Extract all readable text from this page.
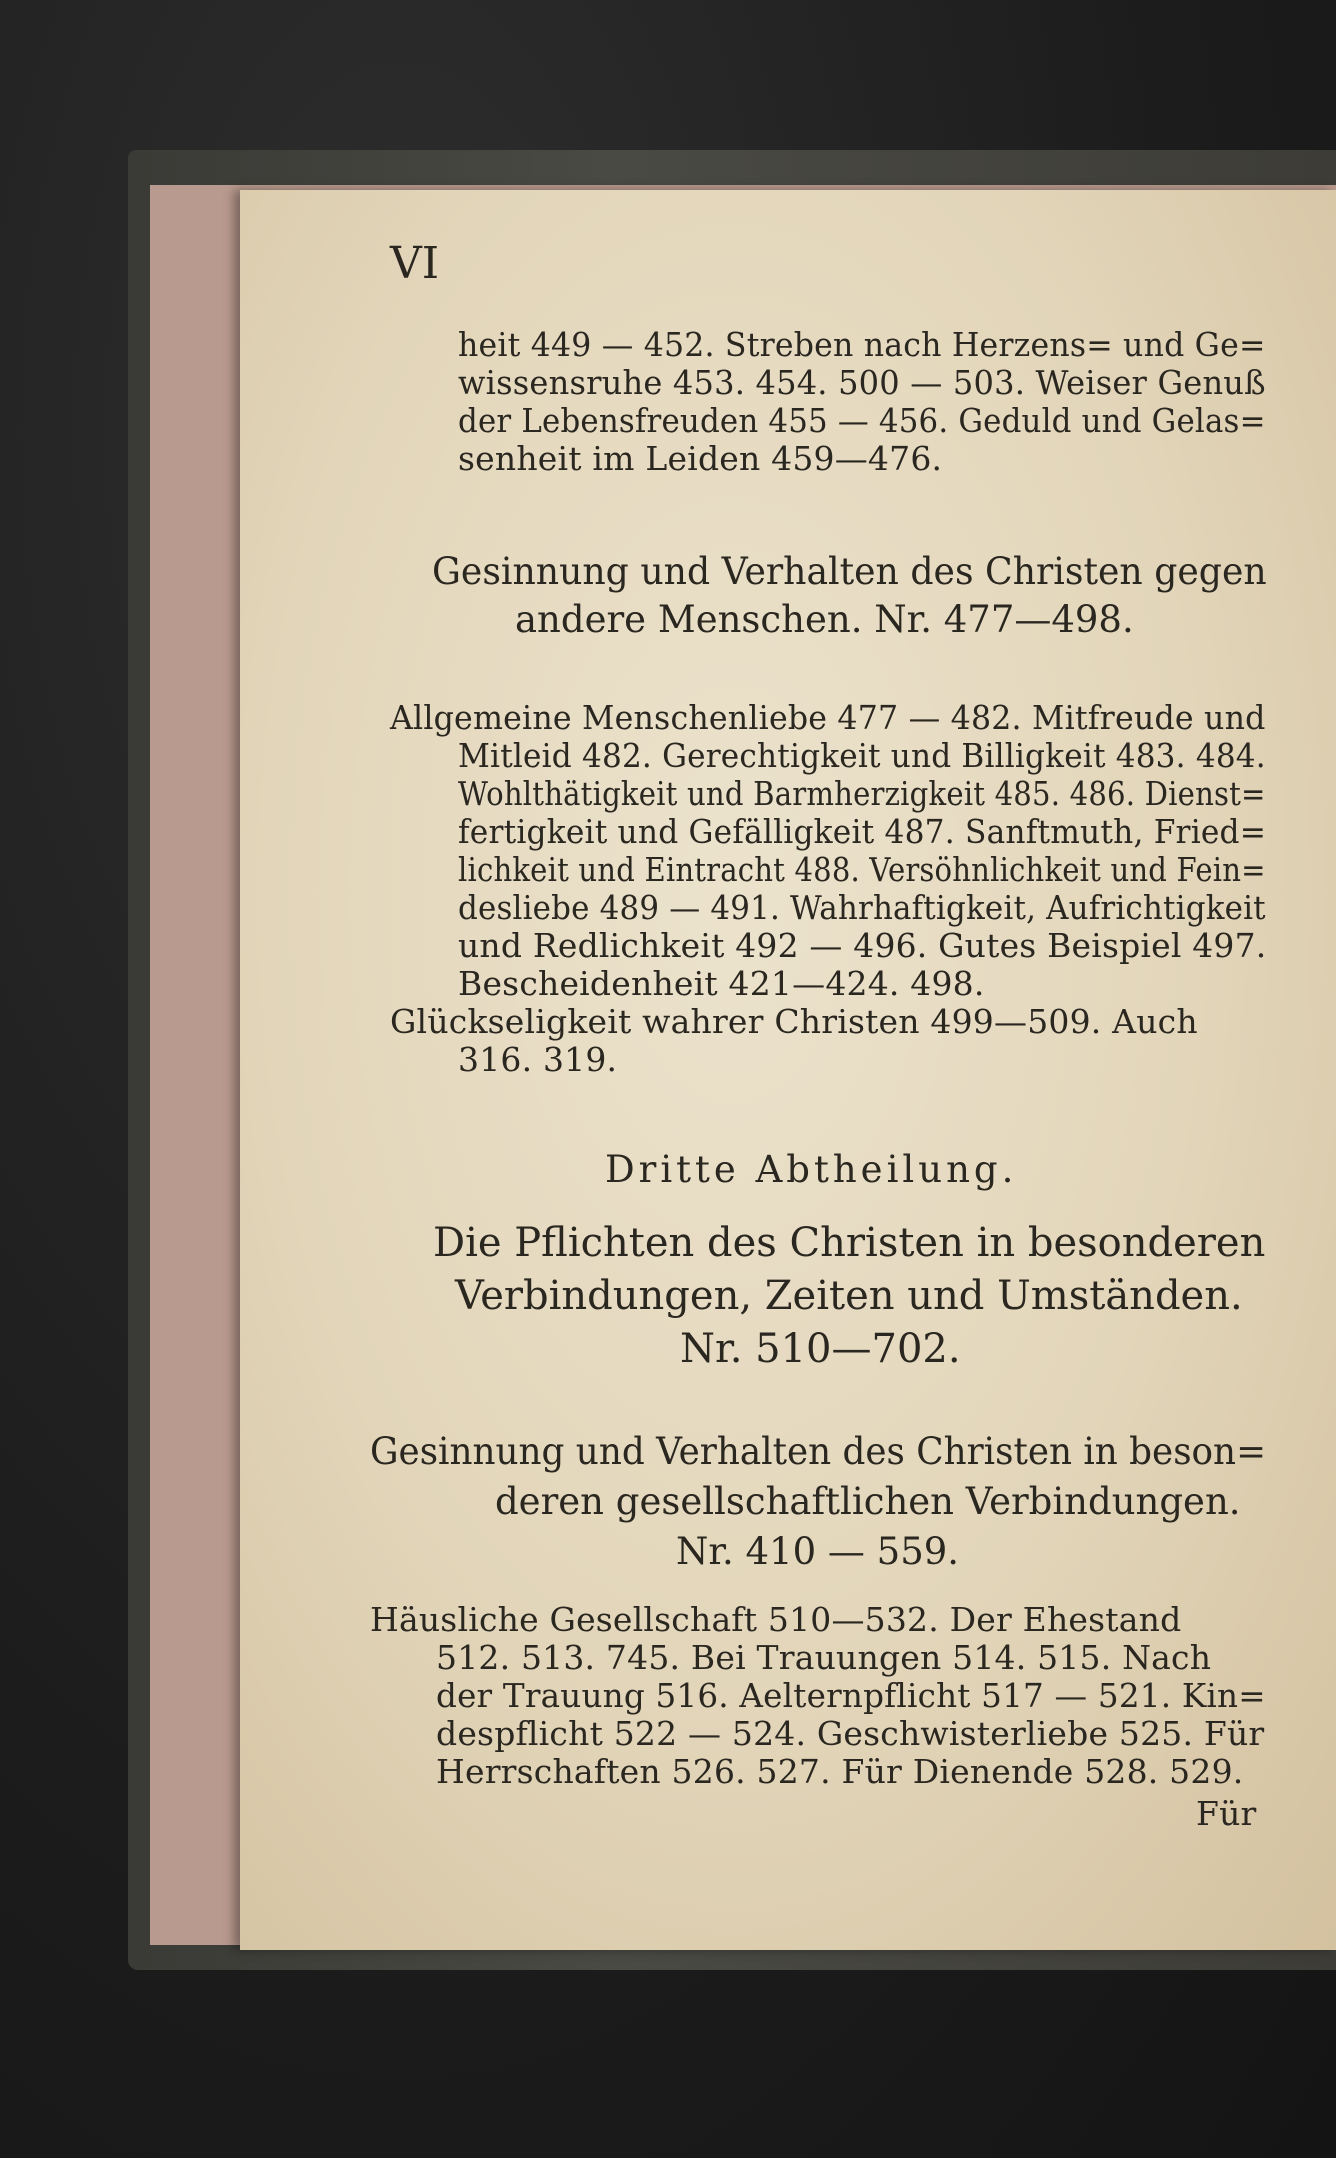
VI
heit 449 — 452. Streben nach Herzens= und Ge=
wissensruhe 453. 454. 500 — 503. Weiser Genuß
der Lebensfreuden 455 — 456. Geduld und Gelas=
senheit im Leiden 459—476.
Gesinnung und Verhalten des Christen gegen
andere Menschen. Nr. 477—498.
Allgemeine Menschenliebe 477 — 482. Mitfreude und
Mitleid 482. Gerechtigkeit und Billigkeit 483. 484.
Wohlthätigkeit und Barmherzigkeit 485. 486. Dienst=
fertigkeit und Gefälligkeit 487. Sanftmuth, Fried=
lichkeit und Eintracht 488. Versöhnlichkeit und Fein=
desliebe 489 — 491. Wahrhaftigkeit, Aufrichtigkeit
und Redlichkeit 492 — 496. Gutes Beispiel 497.
Bescheidenheit 421—424. 498.
Glückseligkeit wahrer Christen 499—509. Auch
316. 319.
Dritte Abtheilung.
Die Pflichten des Christen in besonderen
Verbindungen, Zeiten und Umständen.
Nr. 510—702.
Gesinnung und Verhalten des Christen in beson=
deren gesellschaftlichen Verbindungen.
Nr. 410 — 559.
Häusliche Gesellschaft 510—532. Der Ehestand
512. 513. 745. Bei Trauungen 514. 515. Nach
der Trauung 516. Aelternpflicht 517 — 521. Kin=
despflicht 522 — 524. Geschwisterliebe 525. Für
Herrschaften 526. 527. Für Dienende 528. 529.
Für
